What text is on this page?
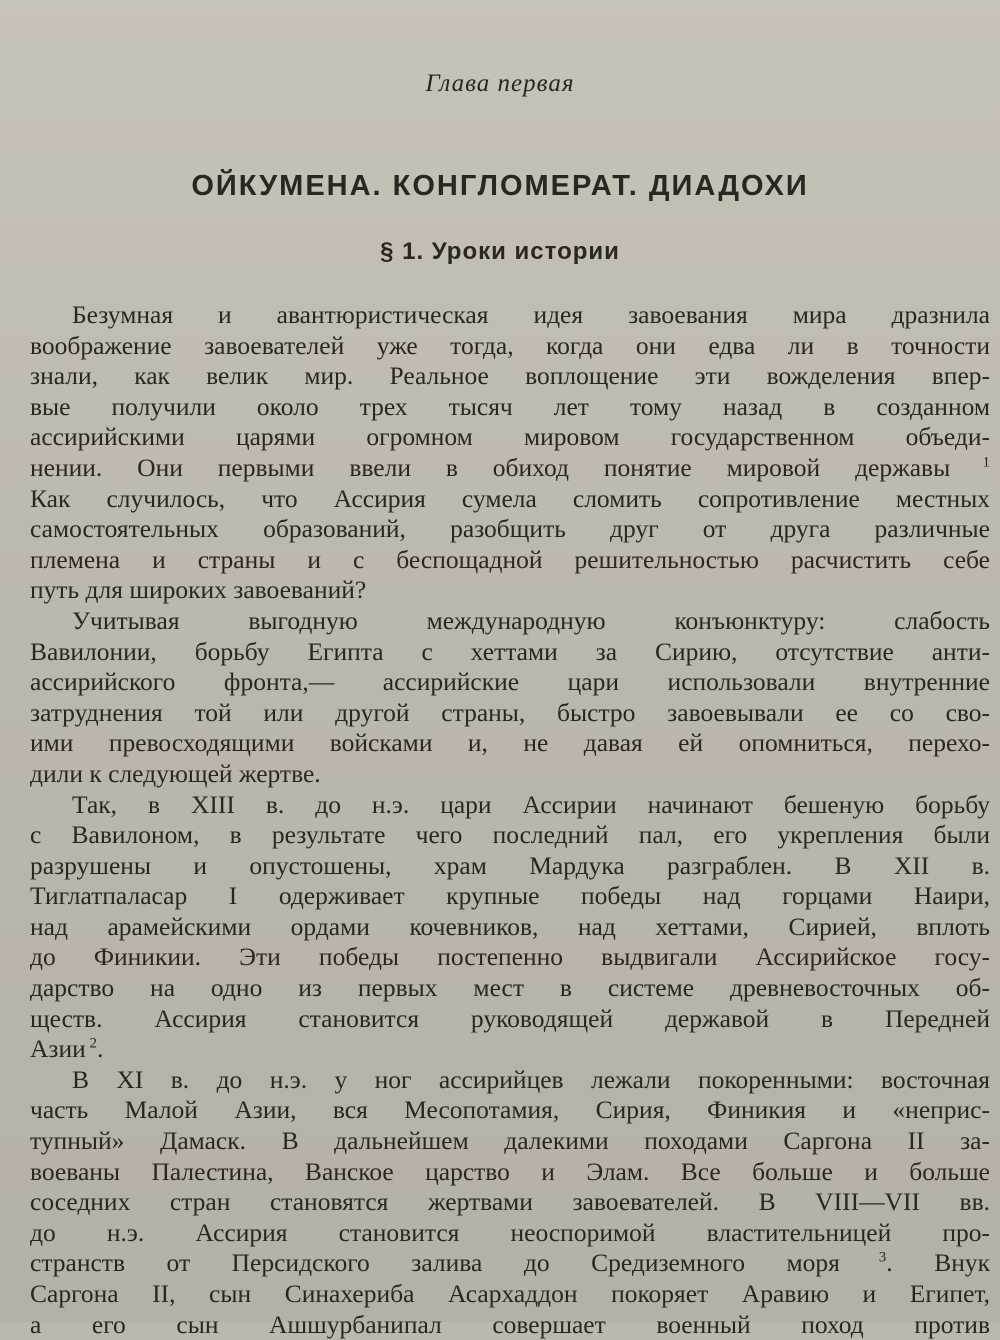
Глава первая
ОЙКУМЕНА. КОНГЛОМЕРАТ. ДИАДОХИ
§ 1. Уроки истории
Безумная и авантюристическая идея завоевания мира дразнила
воображение завоевателей уже тогда, когда они едва ли в точности
знали, как велик мир. Реальное воплощение эти вожделения впер-
вые получили около трех тысяч лет тому назад в созданном
ассирийскими царями огромном мировом государственном объеди-
нении. Они первыми ввели в обиход понятие мировой державы $^1$
Как случилось, что Ассирия сумела сломить сопротивление местных
самостоятельных образований, разобщить друг от друга различные
племена и страны и с беспощадной решительностью расчистить себе
путь для широких завоеваний?
Учитывая выгодную международную конъюнктуру: слабость
Вавилонии, борьбу Египта с хеттами за Сирию, отсутствие анти-
ассирийского фронта,— ассирийские цари использовали внутренние
затруднения той или другой страны, быстро завоевывали ее со сво-
ими превосходящими войсками и, не давая ей опомниться, перехо-
дили к следующей жертве.
Так, в XIII в. до н.э. цари Ассирии начинают бешеную борьбу
с Вавилоном, в результате чего последний пал, его укрепления были
разрушены и опустошены, храм Мардука разграблен. В XII в.
Тиглатпаласар I одерживает крупные победы над горцами Наири,
над арамейскими ордами кочевников, над хеттами, Сирией, вплоть
до Финикии. Эти победы постепенно выдвигали Ассирийское госу-
дарство на одно из первых мест в системе древневосточных об-
ществ. Ассирия становится руководящей державой в Передней
Азии $^2$.
В XI в. до н.э. у ног ассирийцев лежали покоренными: восточная
часть Малой Азии, вся Месопотамия, Сирия, Финикия и «неприс-
тупный» Дамаск. В дальнейшем далекими походами Саргона II за-
воеваны Палестина, Ванское царство и Элам. Все больше и больше
соседних стран становятся жертвами завоевателей. В VIII—VII вв.
до н.э. Ассирия становится неоспоримой властительницей про-
странств от Персидского залива до Средиземного моря $^3$. Внук
Саргона II, сын Синахериба Асархаддон покоряет Аравию и Египет,
а его сын Ашшурбанипал совершает военный поход против
